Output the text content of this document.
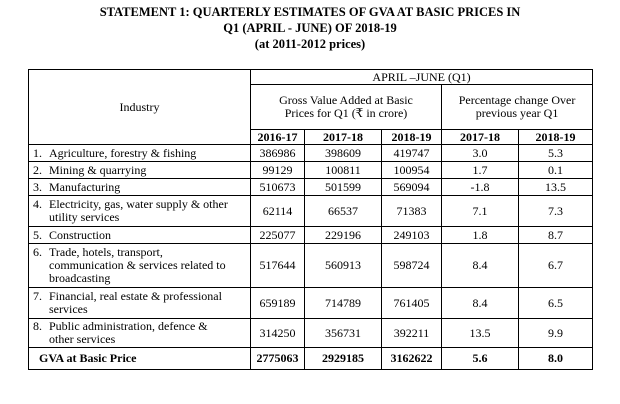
STATEMENT 1: QUARTERLY ESTIMATES OF GVA AT BASIC PRICES IN
Q1 (APRIL - JUNE) OF 2018-19
(at 2011-2012 prices)
Industry	APRIL –JUNE (Q1)				
	Gross Value Added at Basic Prices for Q1 (₹ in crore)			Percentage change Over previous year Q1	
	2016-17	2017-18	2018-19	2017-18	2018-19
1. Agriculture, forestry & fishing	386986	398609	419747	3.0	5.3
2. Mining & quarrying	99129	100811	100954	1.7	0.1
3. Manufacturing	510673	501599	569094	-1.8	13.5
4. Electricity, gas, water supply & other
utility services	62114	66537	71383	7.1	7.3
5. Construction	225077	229196	249103	1.8	8.7
6. Trade, hotels, transport,
communication & services related to broadcasting	517644	560913	598724	8.4	6.7
7. Financial, real estate & professional
services	659189	714789	761405	8.4	6.5
8. Public administration, defence &
other services	314250	356731	392211	13.5	9.9
GVA at Basic Price	2775063	2929185	3162622	5.6	8.0
